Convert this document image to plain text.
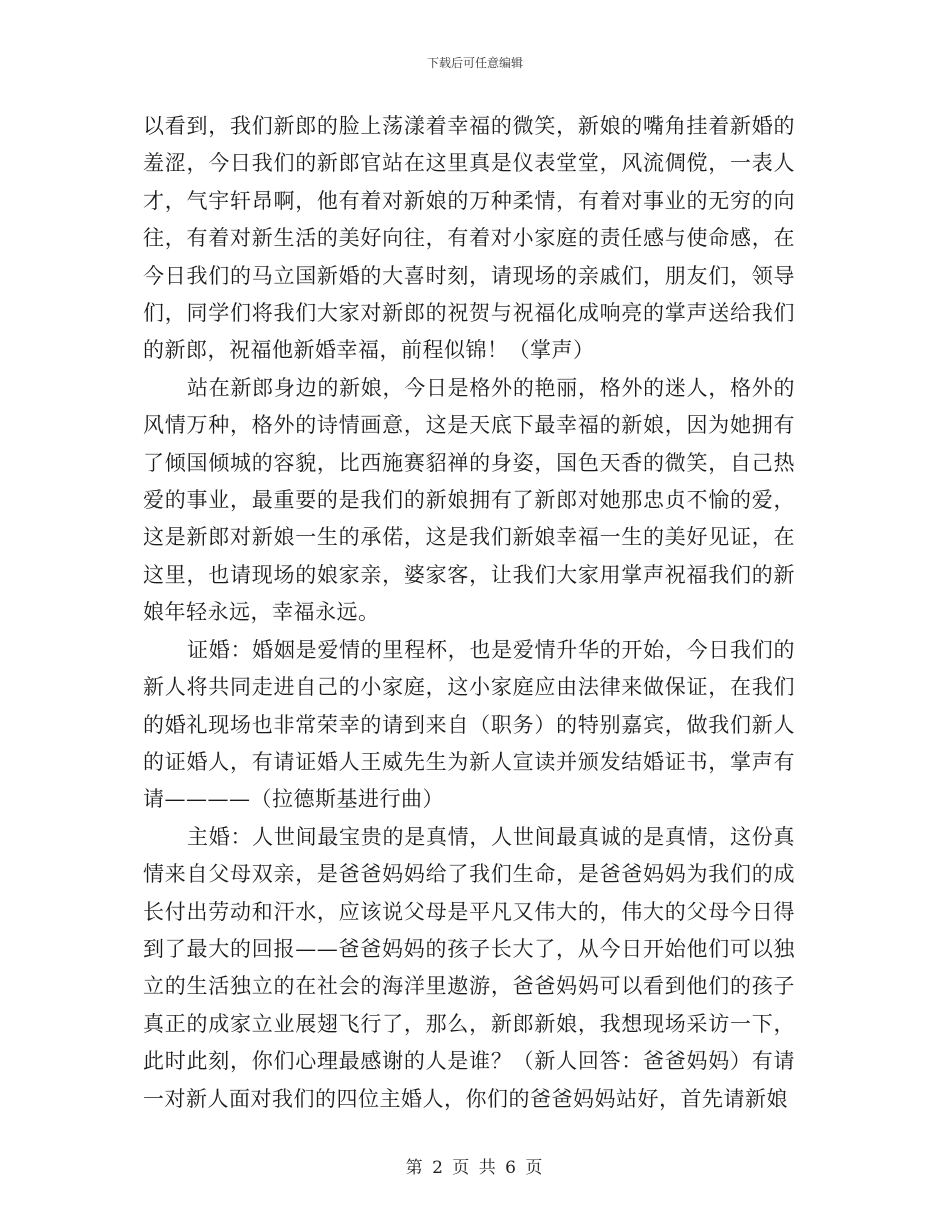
下载后可任意编辑

以看到，我们新郎的脸上荡漾着幸福的微笑，新娘的嘴角挂着新婚的羞涩，今日我们的新郎官站在这里真是仪表堂堂，风流倜傥，一表人才，气宇轩昂啊，他有着对新娘的万种柔情，有着对事业的无穷的向往，有着对新生活的美好向往，有着对小家庭的责任感与使命感，在今日我们的马立国新婚的大喜时刻，请现场的亲戚们，朋友们，领导们，同学们将我们大家对新郎的祝贺与祝福化成响亮的掌声送给我们的新郎，祝福他新婚幸福，前程似锦！（掌声）

站在新郎身边的新娘，今日是格外的艳丽，格外的迷人，格外的风情万种，格外的诗情画意，这是天底下最幸福的新娘，因为她拥有了倾国倾城的容貌，比西施赛貂禅的身姿，国色天香的微笑，自己热爱的事业，最重要的是我们的新娘拥有了新郎对她那忠贞不愉的爱，这是新郎对新娘一生的承偌，这是我们新娘幸福一生的美好见证，在这里，也请现场的娘家亲，婆家客，让我们大家用掌声祝福我们的新娘年轻永远，幸福永远。

证婚：婚姻是爱情的里程杯，也是爱情升华的开始，今日我们的新人将共同走进自己的小家庭，这小家庭应由法律来做保证，在我们的婚礼现场也非常荣幸的请到来自（职务）的特别嘉宾，做我们新人的证婚人，有请证婚人王威先生为新人宣读并颁发结婚证书，掌声有请————（拉德斯基进行曲）

主婚：人世间最宝贵的是真情，人世间最真诚的是真情，这份真情来自父母双亲，是爸爸妈妈给了我们生命，是爸爸妈妈为我们的成长付出劳动和汗水，应该说父母是平凡又伟大的，伟大的父母今日得到了最大的回报——爸爸妈妈的孩子长大了，从今日开始他们可以独立的生活独立的在社会的海洋里遨游，爸爸妈妈可以看到他们的孩子真正的成家立业展翅飞行了，那么，新郎新娘，我想现场采访一下，此时此刻，你们心理最感谢的人是谁？（新人回答：爸爸妈妈）有请一对新人面对我们的四位主婚人，你们的爸爸妈妈站好，首先请新娘

第 2 页 共 6 页
